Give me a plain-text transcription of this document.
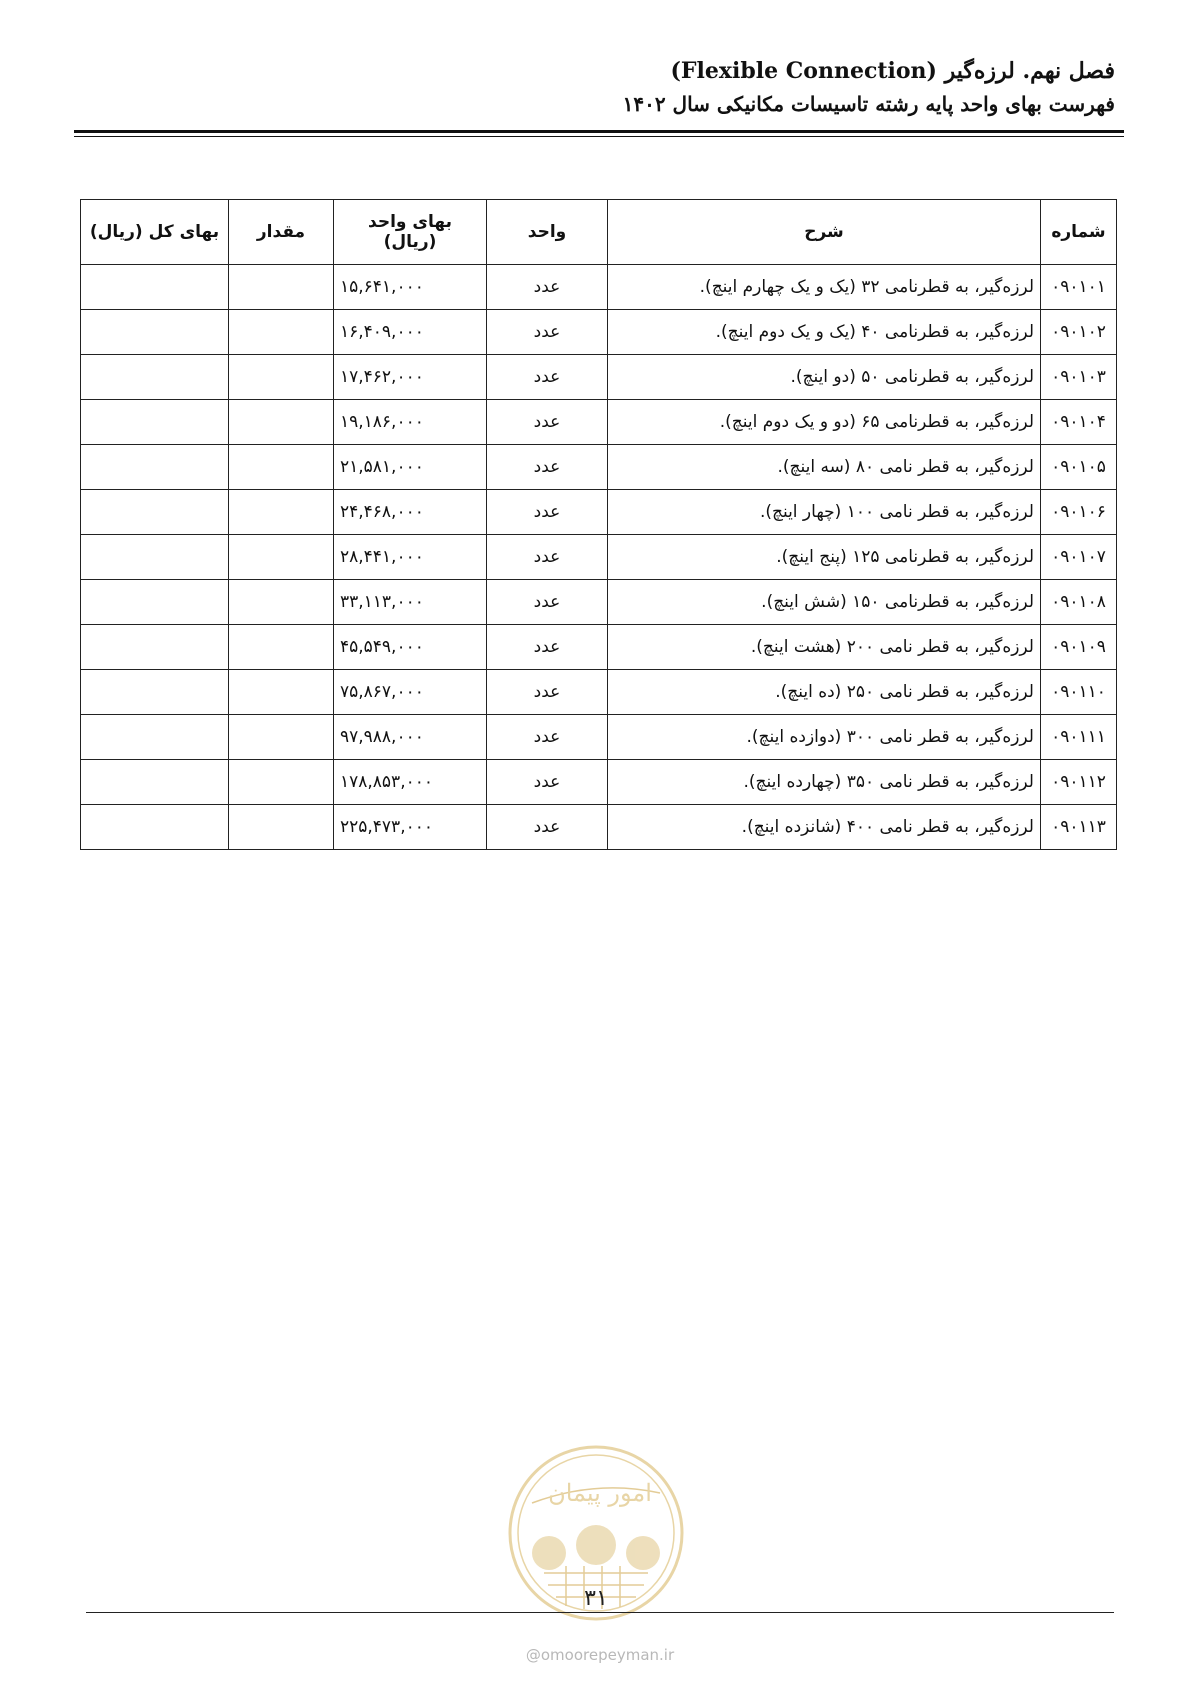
فصل نهم. لرزه‌گیر (Flexible Connection)
فهرست بهای واحد پایه رشته تاسیسات مکانیکی سال ۱۴۰۲
شماره	شرح	واحد	بهای واحد (ریال)	مقدار	بهای کل (ریال)
۰۹۰۱۰۱	لرزه‌گیر، به قطرنامی ۳۲ (یک و یک چهارم اینچ).	عدد	۱۵,۶۴۱,۰۰۰		
۰۹۰۱۰۲	لرزه‌گیر، به قطرنامی ۴۰ (یک و یک دوم اینچ).	عدد	۱۶,۴۰۹,۰۰۰		
۰۹۰۱۰۳	لرزه‌گیر، به قطرنامی ۵۰ (دو اینچ).	عدد	۱۷,۴۶۲,۰۰۰		
۰۹۰۱۰۴	لرزه‌گیر، به قطرنامی ۶۵ (دو و یک دوم اینچ).	عدد	۱۹,۱۸۶,۰۰۰		
۰۹۰۱۰۵	لرزه‌گیر، به قطر نامی ۸۰ (سه اینچ).	عدد	۲۱,۵۸۱,۰۰۰		
۰۹۰۱۰۶	لرزه‌گیر، به قطر نامی ۱۰۰ (چهار اینچ).	عدد	۲۴,۴۶۸,۰۰۰		
۰۹۰۱۰۷	لرزه‌گیر، به قطرنامی ۱۲۵ (پنج اینچ).	عدد	۲۸,۴۴۱,۰۰۰		
۰۹۰۱۰۸	لرزه‌گیر، به قطرنامی ۱۵۰ (شش اینچ).	عدد	۳۳,۱۱۳,۰۰۰		
۰۹۰۱۰۹	لرزه‌گیر، به قطر نامی ۲۰۰ (هشت اینچ).	عدد	۴۵,۵۴۹,۰۰۰		
۰۹۰۱۱۰	لرزه‌گیر، به قطر نامی ۲۵۰ (ده اینچ).	عدد	۷۵,۸۶۷,۰۰۰		
۰۹۰۱۱۱	لرزه‌گیر، به قطر نامی ۳۰۰ (دوازده اینچ).	عدد	۹۷,۹۸۸,۰۰۰		
۰۹۰۱۱۲	لرزه‌گیر، به قطر نامی ۳۵۰ (چهارده اینچ).	عدد	۱۷۸,۸۵۳,۰۰۰		
۰۹۰۱۱۳	لرزه‌گیر، به قطر نامی ۴۰۰ (شانزده اینچ).	عدد	۲۲۵,۴۷۳,۰۰۰		
امور پیمان
۳۱
@omoorepeyman.ir
